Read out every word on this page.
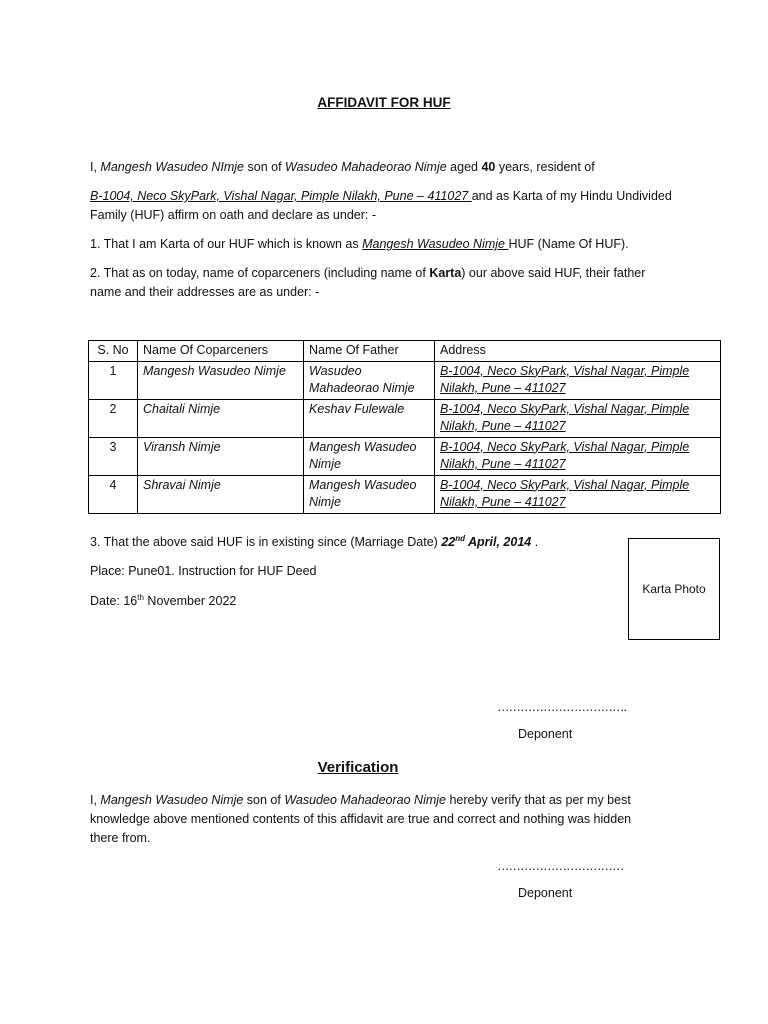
AFFIDAVIT FOR HUF
I, Mangesh Wasudeo NImje son of Wasudeo Mahadeorao Nimje aged 40 years, resident of
B-1004, Neco SkyPark, Vishal Nagar, Pimple Nilakh, Pune – 411027 and as Karta of my Hindu Undivided
Family (HUF) affirm on oath and declare as under: -
1. That I am Karta of our HUF which is known as Mangesh Wasudeo Nimje HUF (Name Of HUF).
2. That as on today, name of coparceners (including name of Karta) our above said HUF, their father
name and their addresses are as under: -
S. No	Name Of Coparceners	Name Of Father	Address
1	Mangesh Wasudeo Nimje	Wasudeo Mahadeorao Nimje	B-1004, Neco SkyPark, Vishal Nagar, Pimple Nilakh, Pune – 411027
2	Chaitali Nimje	Keshav Fulewale	B-1004, Neco SkyPark, Vishal Nagar, Pimple Nilakh, Pune – 411027
3	Viransh Nimje	Mangesh Wasudeo Nimje	B-1004, Neco SkyPark, Vishal Nagar, Pimple Nilakh, Pune – 411027
4	Shravai Nimje	Mangesh Wasudeo Nimje	B-1004, Neco SkyPark, Vishal Nagar, Pimple Nilakh, Pune – 411027
3. That the above said HUF is in existing since (Marriage Date) 22nd April, 2014 .
Place: Pune01. Instruction for HUF Deed
Date: 16th November 2022
Karta Photo
…………………………….
Deponent
Verification
I, Mangesh Wasudeo Nimje son of Wasudeo Mahadeorao Nimje hereby verify that as per my best
knowledge above mentioned contents of this affidavit are true and correct and nothing was hidden
there from.
……………………………
Deponent
